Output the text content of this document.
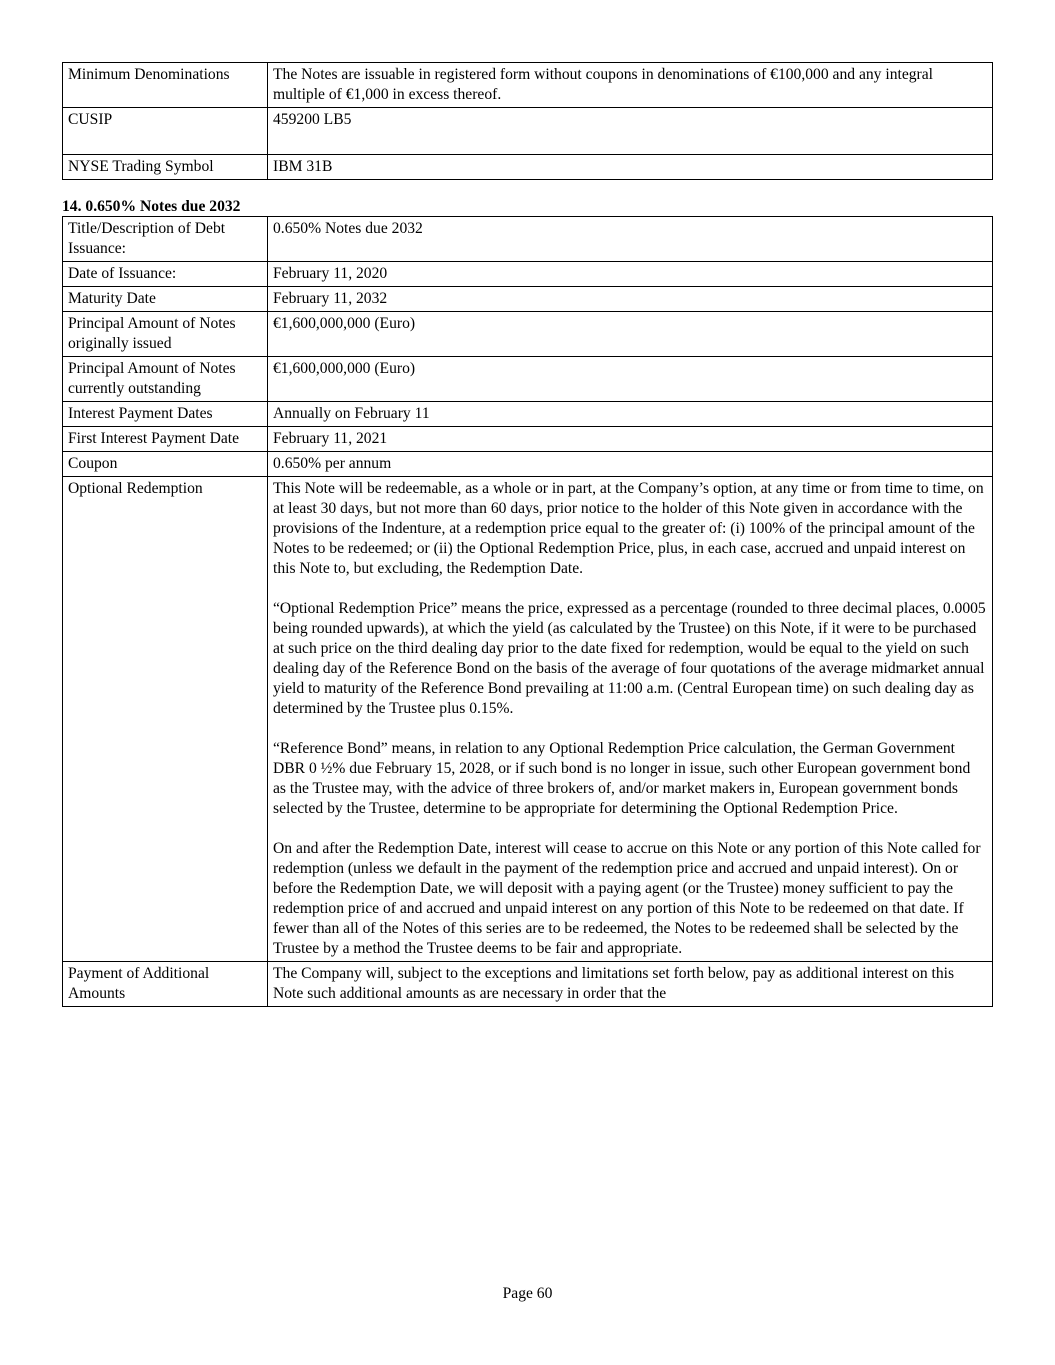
Minimum Denominations	The Notes are issuable in registered form without coupons in denominations of €100,000 and any integral multiple of €1,000 in excess thereof.
CUSIP	459200 LB5
NYSE Trading Symbol	IBM 31B

14. 0.650% Notes due 2032

Title/Description of Debt Issuance:	0.650% Notes due 2032
Date of Issuance:	February 11, 2020
Maturity Date	February 11, 2032
Principal Amount of Notes originally issued	€1,600,000,000 (Euro)
Principal Amount of Notes currently outstanding	€1,600,000,000 (Euro)
Interest Payment Dates	Annually on February 11
First Interest Payment Date	February 11, 2021
Coupon	0.650% per annum
Optional Redemption	This Note will be redeemable, as a whole or in part, at the Company’s option, at any time or from time to time, on at least 30 days, but not more than 60 days, prior notice to the holder of this Note given in accordance with the provisions of the Indenture, at a redemption price equal to the greater of: (i) 100% of the principal amount of the Notes to be redeemed; or (ii) the Optional Redemption Price, plus, in each case, accrued and unpaid interest on this Note to, but excluding, the Redemption Date.

“Optional Redemption Price” means the price, expressed as a percentage (rounded to three decimal places, 0.0005 being rounded upwards), at which the yield (as calculated by the Trustee) on this Note, if it were to be purchased at such price on the third dealing day prior to the date fixed for redemption, would be equal to the yield on such dealing day of the Reference Bond on the basis of the average of four quotations of the average midmarket annual yield to maturity of the Reference Bond prevailing at 11:00 a.m. (Central European time) on such dealing day as determined by the Trustee plus 0.15%.

“Reference Bond” means, in relation to any Optional Redemption Price calculation, the German Government DBR 0 ½% due February 15, 2028, or if such bond is no longer in issue, such other European government bond as the Trustee may, with the advice of three brokers of, and/or market makers in, European government bonds selected by the Trustee, determine to be appropriate for determining the Optional Redemption Price.

On and after the Redemption Date, interest will cease to accrue on this Note or any portion of this Note called for redemption (unless we default in the payment of the redemption price and accrued and unpaid interest). On or before the Redemption Date, we will deposit with a paying agent (or the Trustee) money sufficient to pay the redemption price of and accrued and unpaid interest on any portion of this Note to be redeemed on that date. If fewer than all of the Notes of this series are to be redeemed, the Notes to be redeemed shall be selected by the Trustee by a method the Trustee deems to be fair and appropriate.

Payment of Additional Amounts	The Company will, subject to the exceptions and limitations set forth below, pay as additional interest on this Note such additional amounts as are necessary in order that the
Page 60
